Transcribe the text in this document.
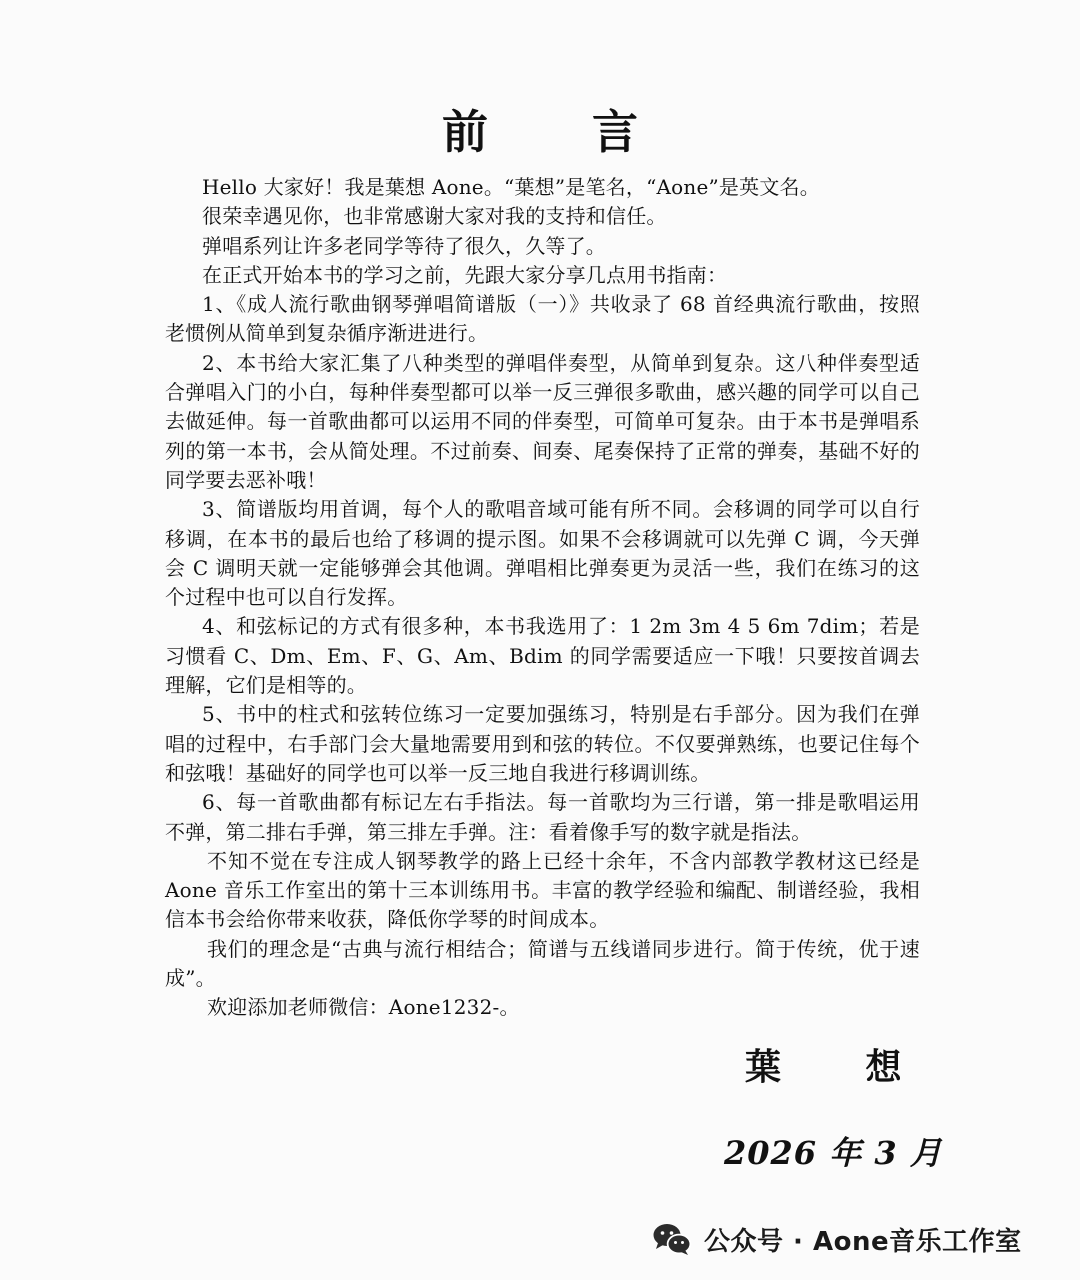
前 言

Hello 大家好！我是葉想 Aone。“葉想”是笔名，“Aone”是英文名。

很荣幸遇见你，也非常感谢大家对我的支持和信任。

弹唱系列让许多老同学等待了很久，久等了。

在正式开始本书的学习之前，先跟大家分享几点用书指南：

1、《成人流行歌曲钢琴弹唱简谱版（一）》共收录了 68 首经典流行歌曲，按照老惯例从简单到复杂循序渐进进行。

2、本书给大家汇集了八种类型的弹唱伴奏型，从简单到复杂。这八种伴奏型适合弹唱入门的小白，每种伴奏型都可以举一反三弹很多歌曲，感兴趣的同学可以自己去做延伸。每一首歌曲都可以运用不同的伴奏型，可简单可复杂。由于本书是弹唱系列的第一本书，会从简处理。不过前奏、间奏、尾奏保持了正常的弹奏，基础不好的同学要去恶补哦！

3、简谱版均用首调，每个人的歌唱音域可能有所不同。会移调的同学可以自行移调，在本书的最后也给了移调的提示图。如果不会移调就可以先弹 C 调，今天弹会 C 调明天就一定能够弹会其他调。弹唱相比弹奏更为灵活一些，我们在练习的这个过程中也可以自行发挥。

4、和弦标记的方式有很多种，本书我选用了：1 2m 3m 4 5 6m 7dim；若是习惯看 C、Dm、Em、F、G、Am、Bdim 的同学需要适应一下哦！只要按首调去理解，它们是相等的。

5、书中的柱式和弦转位练习一定要加强练习，特别是右手部分。因为我们在弹唱的过程中，右手部门会大量地需要用到和弦的转位。不仅要弹熟练，也要记住每个和弦哦！基础好的同学也可以举一反三地自我进行移调训练。

6、每一首歌曲都有标记左右手指法。每一首歌均为三行谱，第一排是歌唱运用不弹，第二排右手弹，第三排左手弹。注：看着像手写的数字就是指法。

不知不觉在专注成人钢琴教学的路上已经十余年，不含内部教学教材这已经是 Aone 音乐工作室出的第十三本训练用书。丰富的教学经验和编配、制谱经验，我相信本书会给你带来收获，降低你学琴的时间成本。

我们的理念是“古典与流行相结合；简谱与五线谱同步进行。简于传统，优于速成”。

欢迎添加老师微信：Aone1232-。

葉 想
2026 年 3 月
公众号 · Aone音乐工作室
